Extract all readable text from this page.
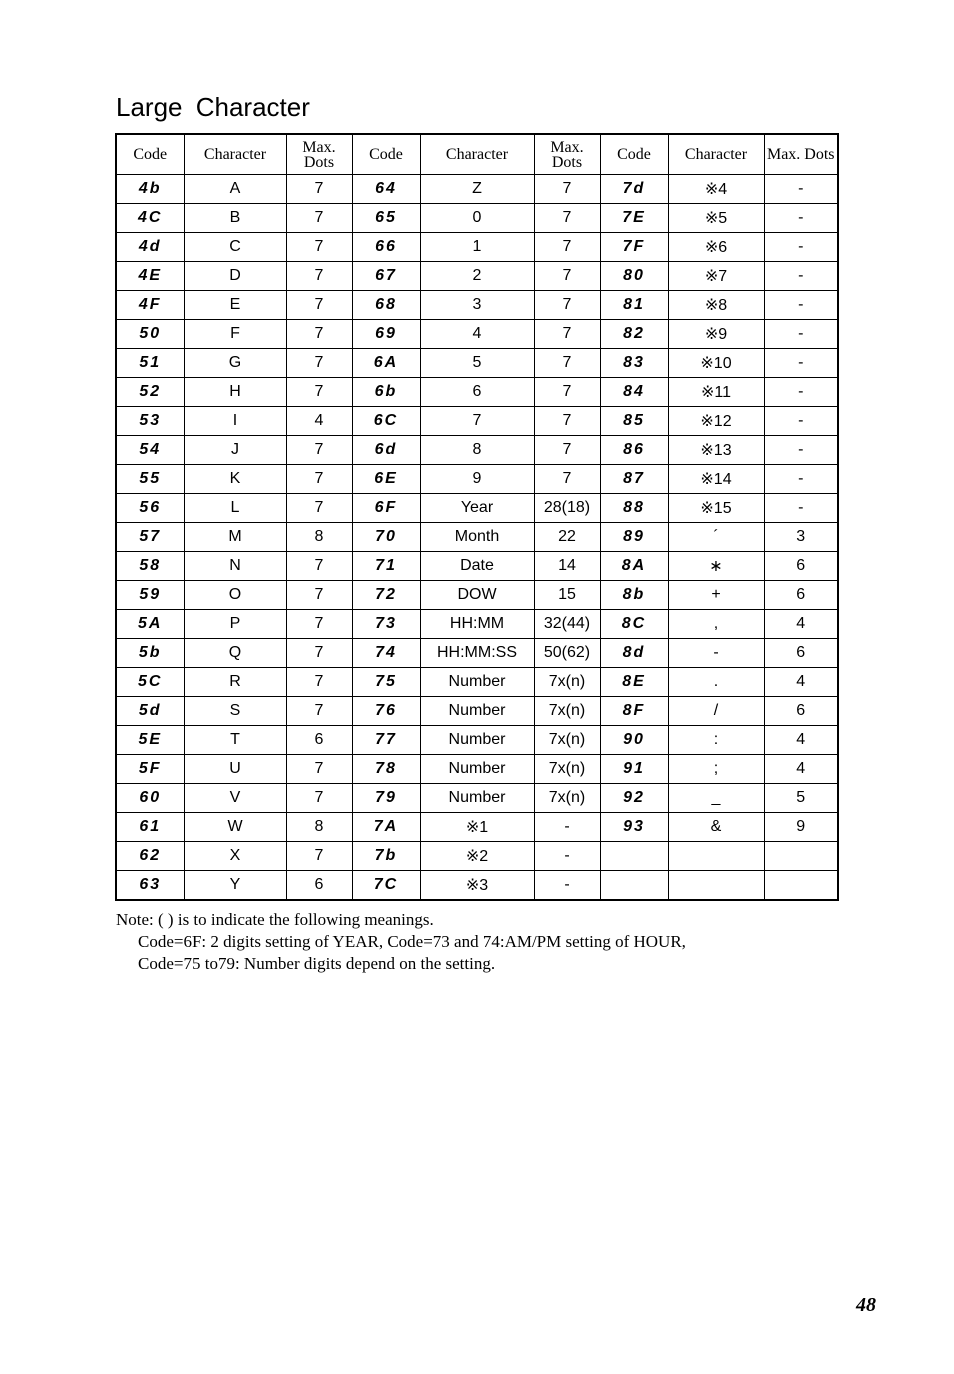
Large Character
Code	Character	Max. Dots	Code	Character	Max. Dots	Code	Character	Max. Dots
4b	A	7	64	Z	7	7d	※4	-
4C	B	7	65	0	7	7E	※5	-
4d	C	7	66	1	7	7F	※6	-
4E	D	7	67	2	7	80	※7	-
4F	E	7	68	3	7	81	※8	-
50	F	7	69	4	7	82	※9	-
51	G	7	6A	5	7	83	※10	-
52	H	7	6b	6	7	84	※11	-
53	I	4	6C	7	7	85	※12	-
54	J	7	6d	8	7	86	※13	-
55	K	7	6E	9	7	87	※14	-
56	L	7	6F	Year	28(18)	88	※15	-
57	M	8	70	Month	22	89	´	3
58	N	7	71	Date	14	8A	∗	6
59	O	7	72	DOW	15	8b	+	6
5A	P	7	73	HH:MM	32(44)	8C	,	4
5b	Q	7	74	HH:MM:SS	50(62)	8d	-	6
5C	R	7	75	Number	7x(n)	8E	.	4
5d	S	7	76	Number	7x(n)	8F	/	6
5E	T	6	77	Number	7x(n)	90	:	4
5F	U	7	78	Number	7x(n)	91	;	4
60	V	7	79	Number	7x(n)	92	_	5
61	W	8	7A	※1	-	93	&	9
62	X	7	7b	※2	-			
63	Y	6	7C	※3	-			
Note: ( ) is to indicate the following meanings.
Code=6F: 2 digits setting of YEAR, Code=73 and 74:AM/PM setting of HOUR,
Code=75 to79: Number digits depend on the setting.
48
